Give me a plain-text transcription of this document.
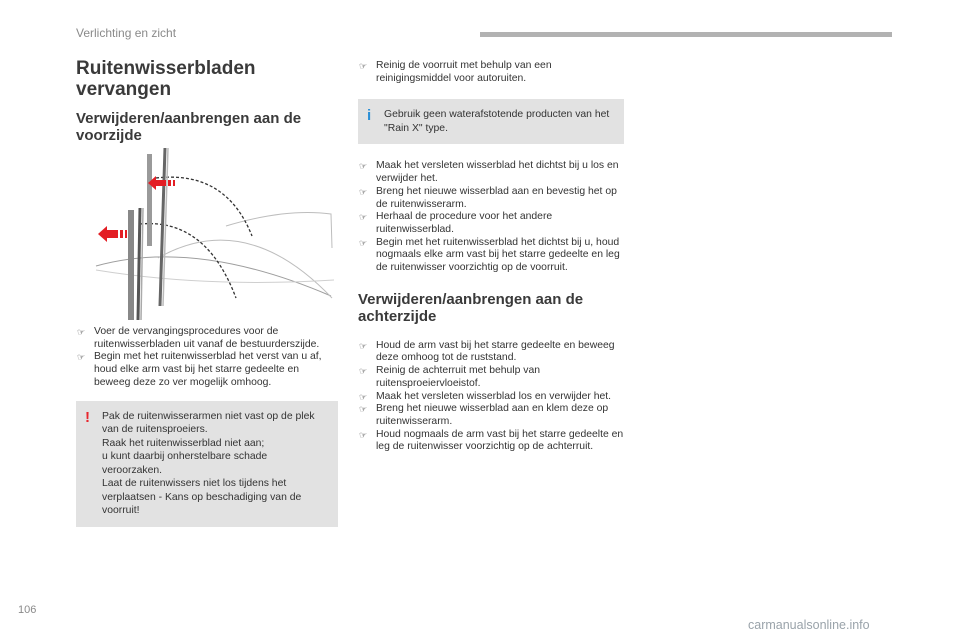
Verlichting en zicht
Ruitenwisserbladen
vervangen
Verwijderen/aanbrengen aan de
voorzijde
☞ Voer de vervangingsprocedures voor de ruitenwisserbladen uit vanaf de bestuurderszijde.
☞ Begin met het ruitenwisserblad het verst van u af, houd elke arm vast bij het starre gedeelte en beweeg deze zo ver mogelijk omhoog.
! Pak de ruitenwisserarmen niet vast op de plek van de ruitensproeiers.
Raak het ruitenwisserblad niet aan;
u kunt daarbij onherstelbare schade veroorzaken.
Laat de ruitenwissers niet los tijdens het verplaatsen - Kans op beschadiging van de voorruit!
☞ Reinig de voorruit met behulp van een reinigingsmiddel voor autoruiten.
i Gebruik geen waterafstotende producten van het "Rain X" type.
☞ Maak het versleten wisserblad het dichtst bij u los en verwijder het.
☞ Breng het nieuwe wisserblad aan en bevestig het op de ruitenwisserarm.
☞ Herhaal de procedure voor het andere ruitenwisserblad.
☞ Begin met het ruitenwisserblad het dichtst bij u, houd nogmaals elke arm vast bij het starre gedeelte en leg de ruitenwisser voorzichtig op de voorruit.
Verwijderen/aanbrengen aan de
achterzijde
☞ Houd de arm vast bij het starre gedeelte en beweeg deze omhoog tot de ruststand.
☞ Reinig de achterruit met behulp van ruitensproeiervloeistof.
☞ Maak het versleten wisserblad los en verwijder het.
☞ Breng het nieuwe wisserblad aan en klem deze op ruitenwisserarm.
☞ Houd nogmaals de arm vast bij het starre gedeelte en leg de ruitenwisser voorzichtig op de achterruit.
106
carmanualsonline.info
